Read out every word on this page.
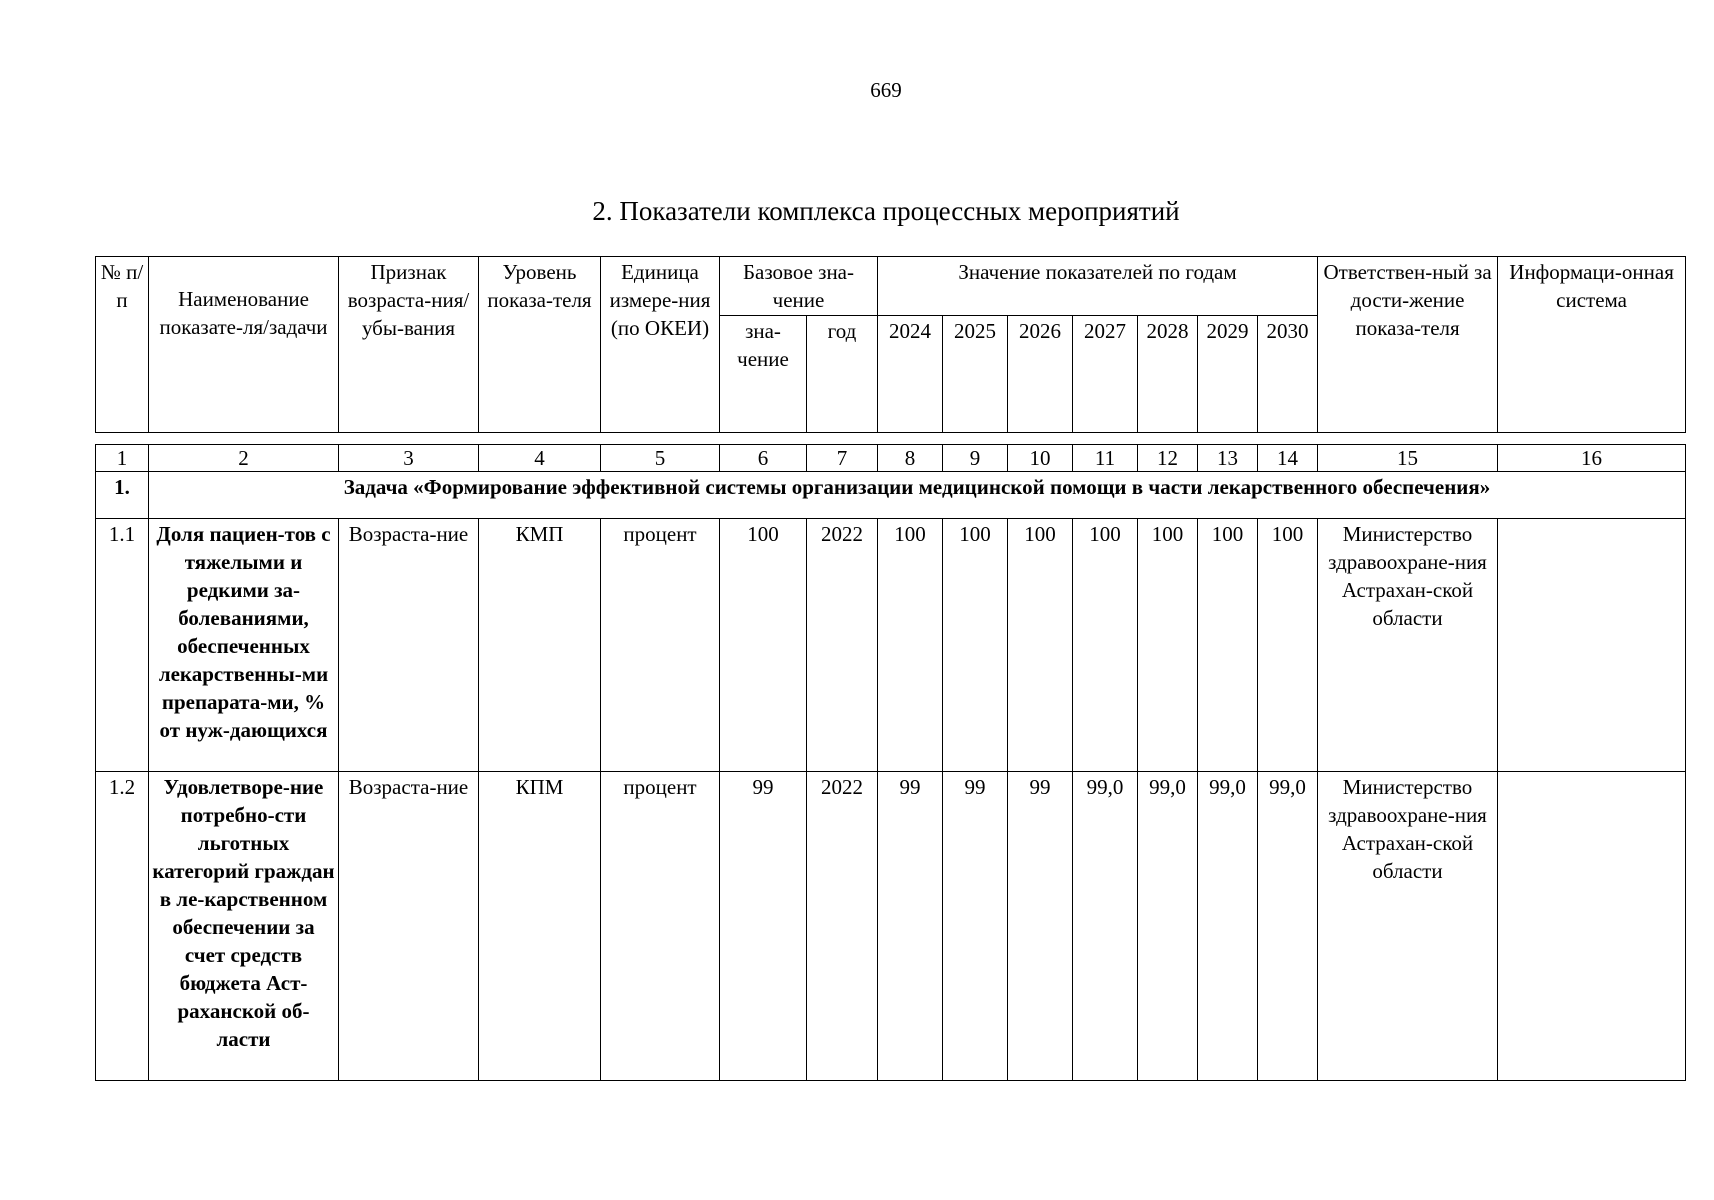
669
2. Показатели комплекса процессных мероприятий
№ п/п	Наименование показате-ля/задачи	Признак возраста-ния/ убы-вания	Уровень показа-теля	Единица измере-ния (по ОКЕИ)	Базовое зна-чение		Значение показателей по годам							Ответствен-ный за дости-жение показа-теля	Информаци-онная система
					зна-чение	год	2024	2025	2026	2027	2028	2029	2030		
1	2	3	4	5	6	7	8	9	10	11	12	13	14	15	16
1.	Задача «Формирование эффективной системы организации медицинской помощи в части лекарственного обеспечения»														
1.1	Доля пациен-тов с тяжелыми и редкими за-болеваниями, обеспеченных лекарственны-ми препарата-ми, % от нуж-дающихся	Возраста-ние	КМП	процент	100	2022	100	100	100	100	100	100	100	Министерство здравоохране-ния Астрахан-ской области	
1.2	Удовлетворе-ние потребно-сти льготных категорий граждан в ле-карственном обеспечении за счет средств бюджета Аст-раханской об-ласти	Возраста-ние	КПМ	процент	99	2022	99	99	99	99,0	99,0	99,0	99,0	Министерство здравоохране-ния Астрахан-ской области	
